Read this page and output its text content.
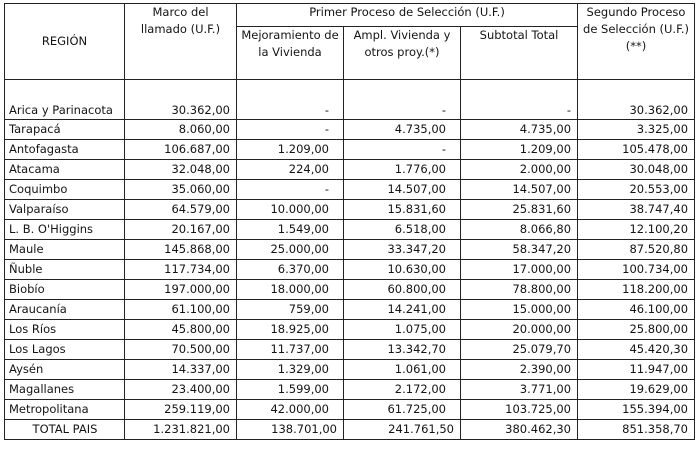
REGIÓN	Marco del llamado (U.F.)	Primer Proceso de Selección (U.F.)			Segundo Proceso de Selección (U.F.) (**)
		Mejoramiento de la Vivienda	Ampl. Vivienda y otros proy.(*)	Subtotal Total	
Arica y Parinacota	30.362,00	-	-	-	30.362,00
Tarapacá	8.060,00	-	4.735,00	4.735,00	3.325,00
Antofagasta	106.687,00	1.209,00	-	1.209,00	105.478,00
Atacama	32.048,00	224,00	1.776,00	2.000,00	30.048,00
Coquimbo	35.060,00	-	14.507,00	14.507,00	20.553,00
Valparaíso	64.579,00	10.000,00	15.831,60	25.831,60	38.747,40
L. B. O'Higgins	20.167,00	1.549,00	6.518,00	8.066,80	12.100,20
Maule	145.868,00	25.000,00	33.347,20	58.347,20	87.520,80
Ñuble	117.734,00	6.370,00	10.630,00	17.000,00	100.734,00
Biobío	197.000,00	18.000,00	60.800,00	78.800,00	118.200,00
Araucanía	61.100,00	759,00	14.241,00	15.000,00	46.100,00
Los Ríos	45.800,00	18.925,00	1.075,00	20.000,00	25.800,00
Los Lagos	70.500,00	11.737,00	13.342,70	25.079,70	45.420,30
Aysén	14.337,00	1.329,00	1.061,00	2.390,00	11.947,00
Magallanes	23.400,00	1.599,00	2.172,00	3.771,00	19.629,00
Metropolitana	259.119,00	42.000,00	61.725,00	103.725,00	155.394,00
TOTAL PAIS	1.231.821,00	138.701,00	241.761,50	380.462,30	851.358,70
